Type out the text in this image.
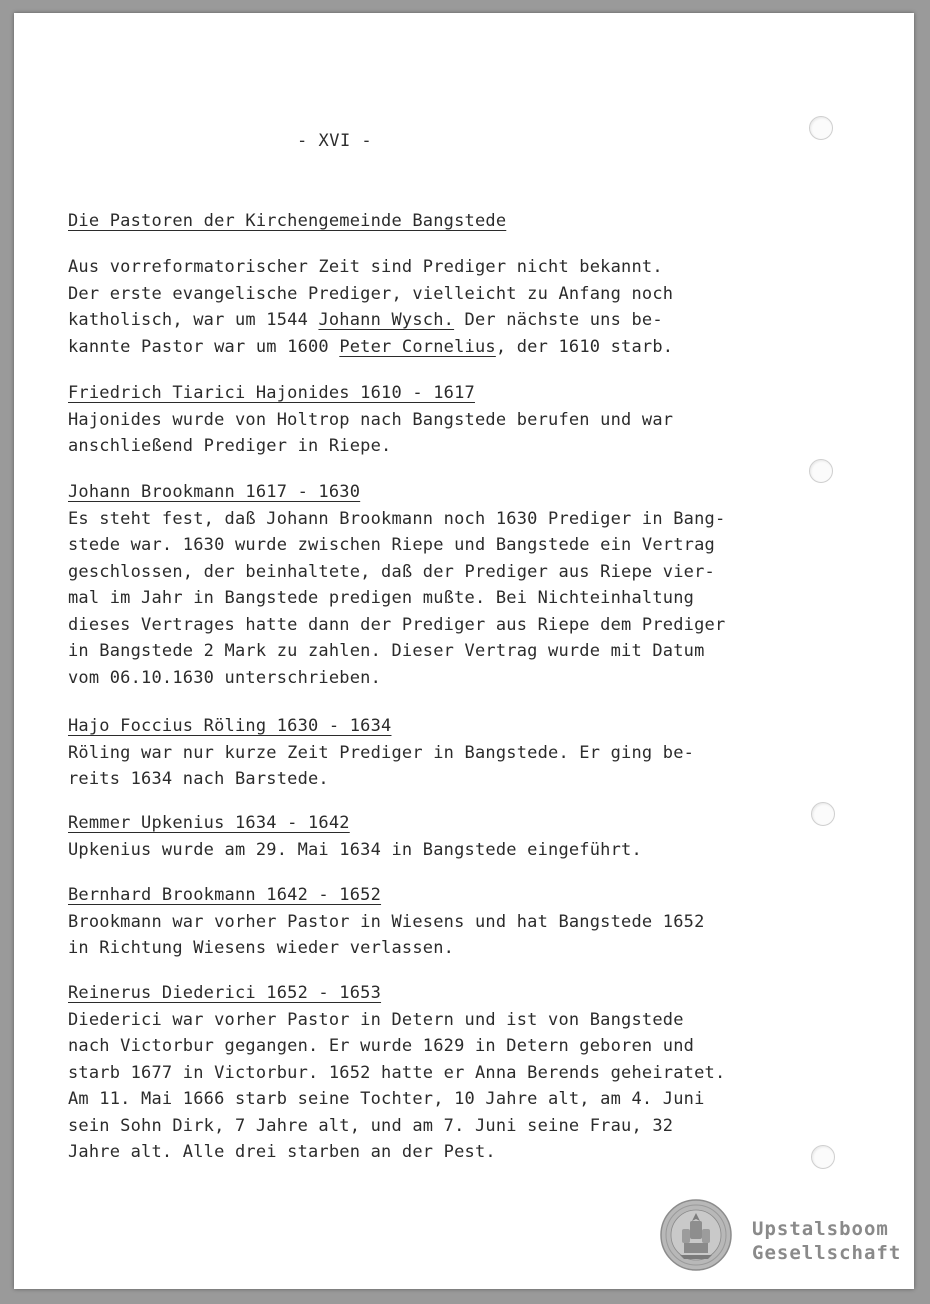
- XVI -
Die Pastoren der Kirchengemeinde Bangstede
Aus vorreformatorischer Zeit sind Prediger nicht bekannt.
Der erste evangelische Prediger, vielleicht zu Anfang noch
katholisch, war um 1544 Johann Wysch. Der nächste uns be-
kannte Pastor war um 1600 Peter Cornelius, der 1610 starb.
Friedrich Tiarici Hajonides 1610 - 1617
Hajonides wurde von Holtrop nach Bangstede berufen und war
anschließend Prediger in Riepe.
Johann Brookmann 1617 - 1630
Es steht fest, daß Johann Brookmann noch 1630 Prediger in Bang-
stede war. 1630 wurde zwischen Riepe und Bangstede ein Vertrag
geschlossen, der beinhaltete, daß der Prediger aus Riepe vier-
mal im Jahr in Bangstede predigen mußte. Bei Nichteinhaltung
dieses Vertrages hatte dann der Prediger aus Riepe dem Prediger
in Bangstede 2 Mark zu zahlen. Dieser Vertrag wurde mit Datum
vom 06.10.1630 unterschrieben.
Hajo Foccius Röling 1630 - 1634
Röling war nur kurze Zeit Prediger in Bangstede. Er ging be-
reits 1634 nach Barstede.
Remmer Upkenius 1634 - 1642
Upkenius wurde am 29. Mai 1634 in Bangstede eingeführt.
Bernhard Brookmann 1642 - 1652
Brookmann war vorher Pastor in Wiesens und hat Bangstede 1652
in Richtung Wiesens wieder verlassen.
Reinerus Diederici 1652 - 1653
Diederici war vorher Pastor in Detern und ist von Bangstede
nach Victorbur gegangen. Er wurde 1629 in Detern geboren und
starb 1677 in Victorbur. 1652 hatte er Anna Berends geheiratet.
Am 11. Mai 1666 starb seine Tochter, 10 Jahre alt, am 4. Juni
sein Sohn Dirk, 7 Jahre alt, und am 7. Juni seine Frau, 32
Jahre alt. Alle drei starben an der Pest.
Upstalsboom
Gesellschaft
